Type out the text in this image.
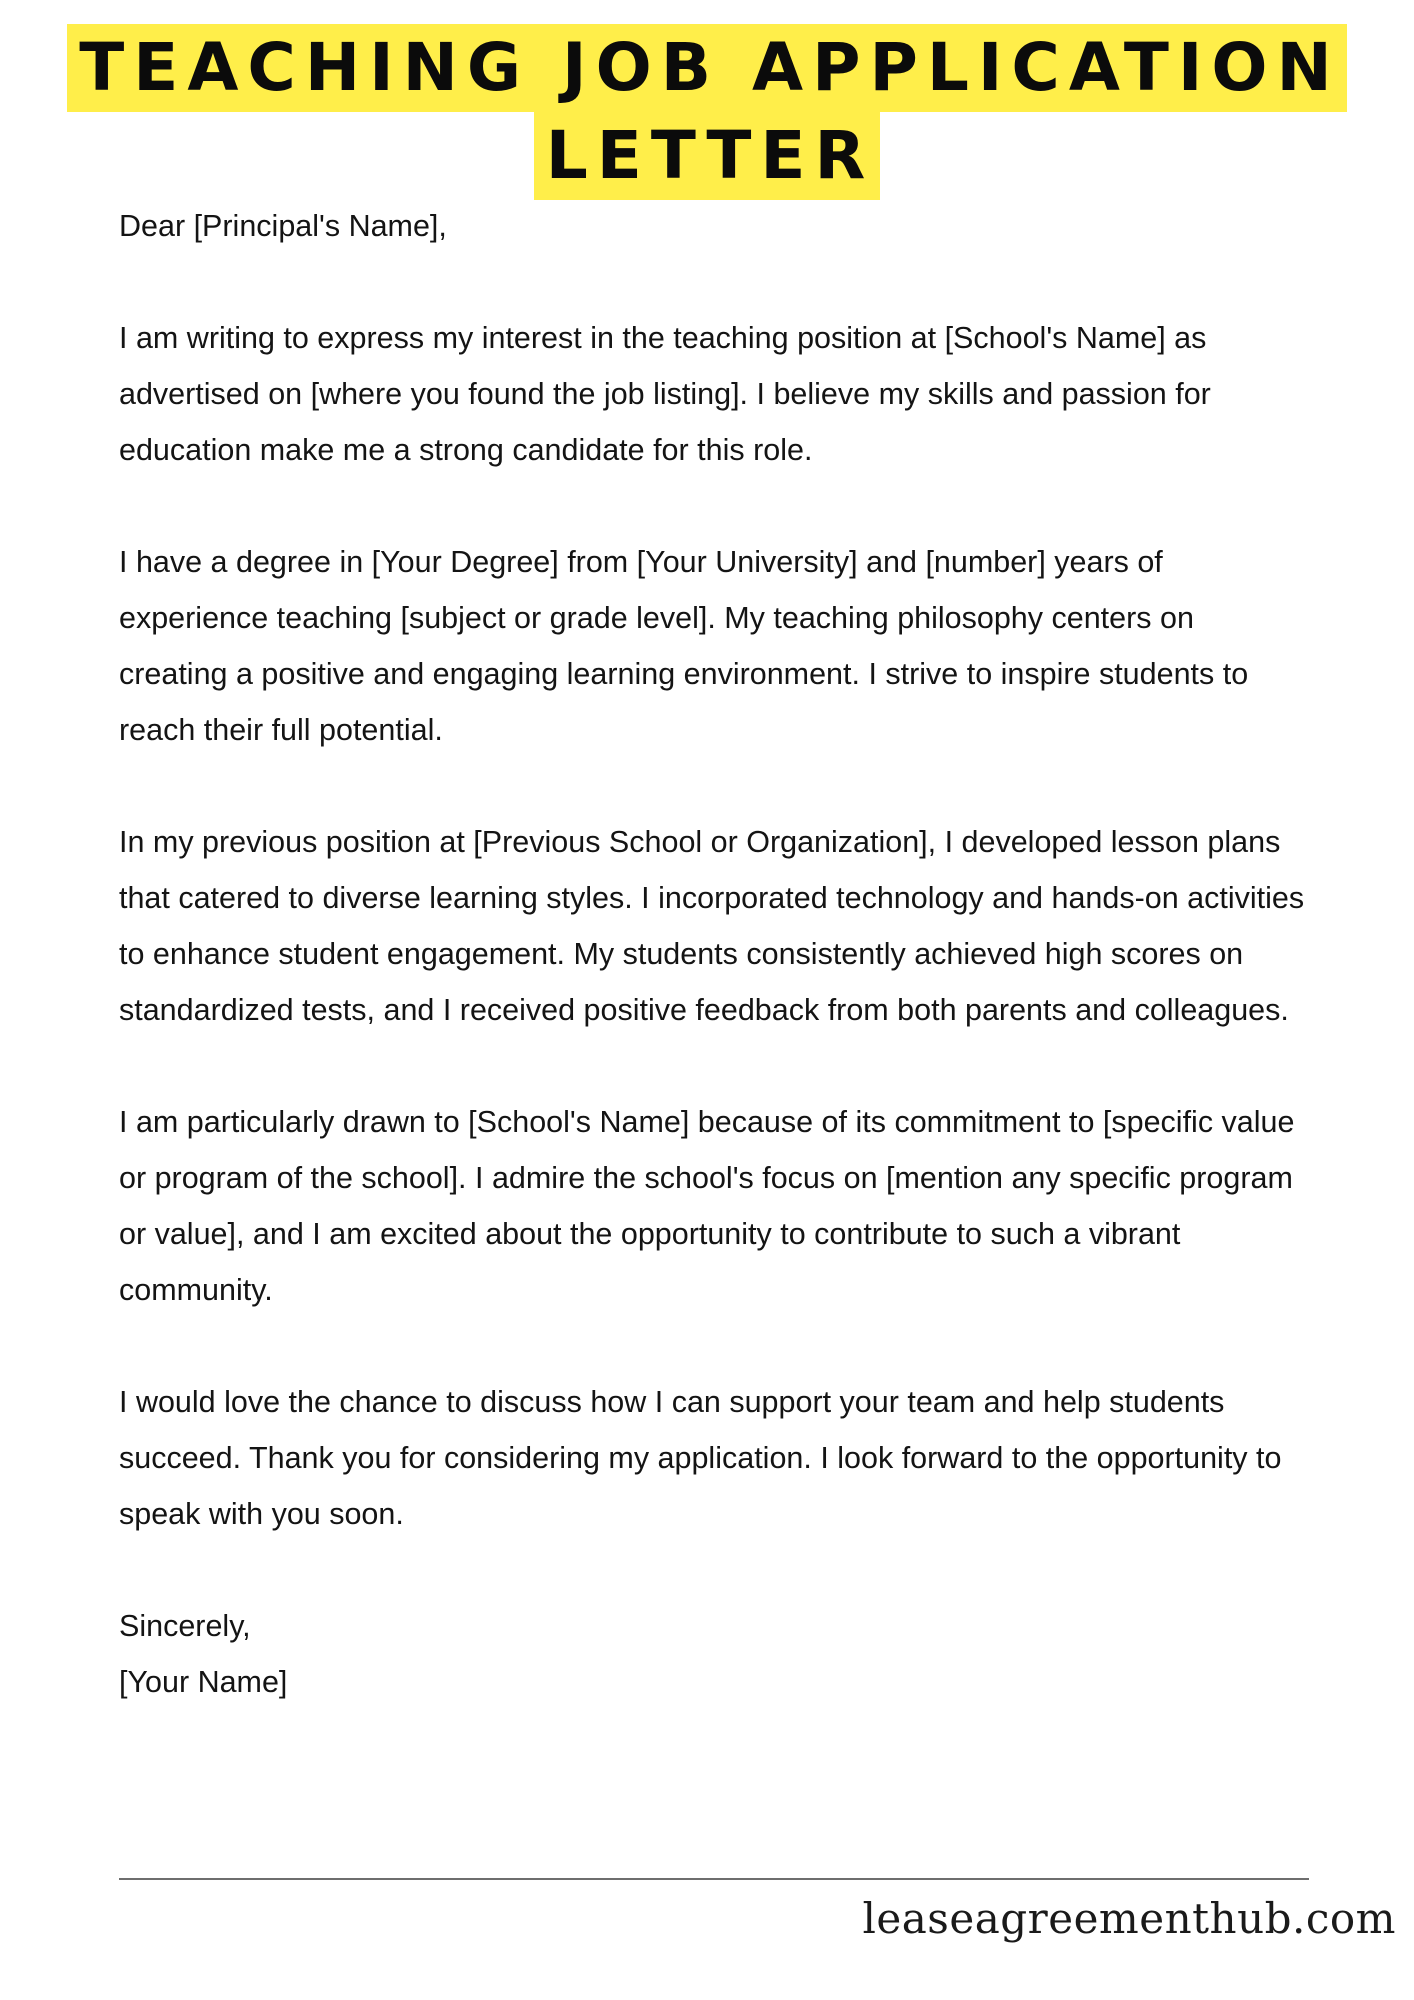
TEACHING JOB APPLICATION
LETTER

Dear [Principal's Name],

I am writing to express my interest in the teaching position at [School's Name] as advertised on [where you found the job listing]. I believe my skills and passion for education make me a strong candidate for this role.

I have a degree in [Your Degree] from [Your University] and [number] years of experience teaching [subject or grade level]. My teaching philosophy centers on creating a positive and engaging learning environment. I strive to inspire students to reach their full potential.

In my previous position at [Previous School or Organization], I developed lesson plans that catered to diverse learning styles. I incorporated technology and hands-on activities to enhance student engagement. My students consistently achieved high scores on standardized tests, and I received positive feedback from both parents and colleagues.

I am particularly drawn to [School's Name] because of its commitment to [specific value or program of the school]. I admire the school's focus on [mention any specific program or value], and I am excited about the opportunity to contribute to such a vibrant community.

I would love the chance to discuss how I can support your team and help students succeed. Thank you for considering my application. I look forward to the opportunity to speak with you soon.

Sincerely,
[Your Name]

leaseagreementhub.com
